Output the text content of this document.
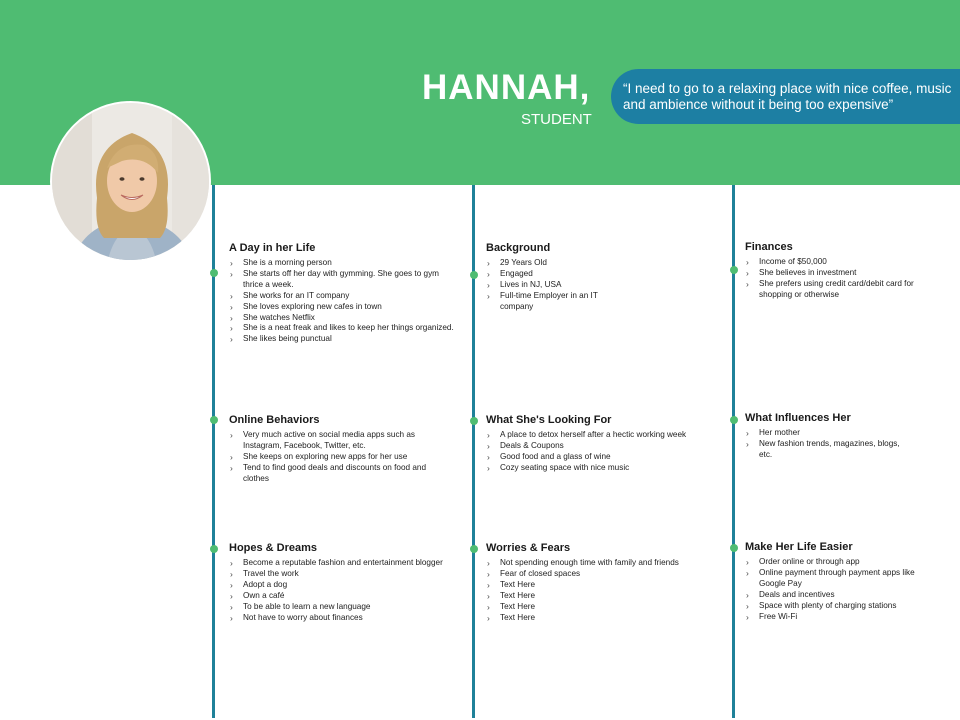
HANNAH,
STUDENT
“I need to go to a relaxing place with nice coffee, music and ambience without it being too expensive”
A Day in her Life
› She is a morning person
› She starts off her day with gymming. She goes to gym thrice a week.
› She works for an IT company
› She loves exploring new cafes in town
› She watches Netflix
› She is a neat freak and likes to keep her things organized.
› She likes being punctual
Background
› 29 Years Old
› Engaged
› Lives in NJ, USA
› Full-time Employer in an IT company
Finances
› Income of $50,000
› She believes in investment
› She prefers using credit card/debit card for shopping or otherwise
Online Behaviors
› Very much active on social media apps such as Instagram, Facebook, Twitter, etc.
› She keeps on exploring new apps for her use
› Tend to find good deals and discounts on food and clothes
What She's Looking For
› A place to detox herself after a hectic working week
› Deals & Coupons
› Good food and a glass of wine
› Cozy seating space with nice music
What Influences Her
› Her mother
› New fashion trends, magazines, blogs, etc.
Hopes & Dreams
› Become a reputable fashion and entertainment blogger
› Travel the work
› Adopt a dog
› Own a café
› To be able to learn a new language
› Not have to worry about finances
Worries & Fears
› Not spending enough time with family and friends
› Fear of closed spaces
› Text Here
› Text Here
› Text Here
› Text Here
Make Her Life Easier
› Order online or through app
› Online payment through payment apps like Google Pay
› Deals and incentives
› Space with plenty of charging stations
› Free Wi-Fi
